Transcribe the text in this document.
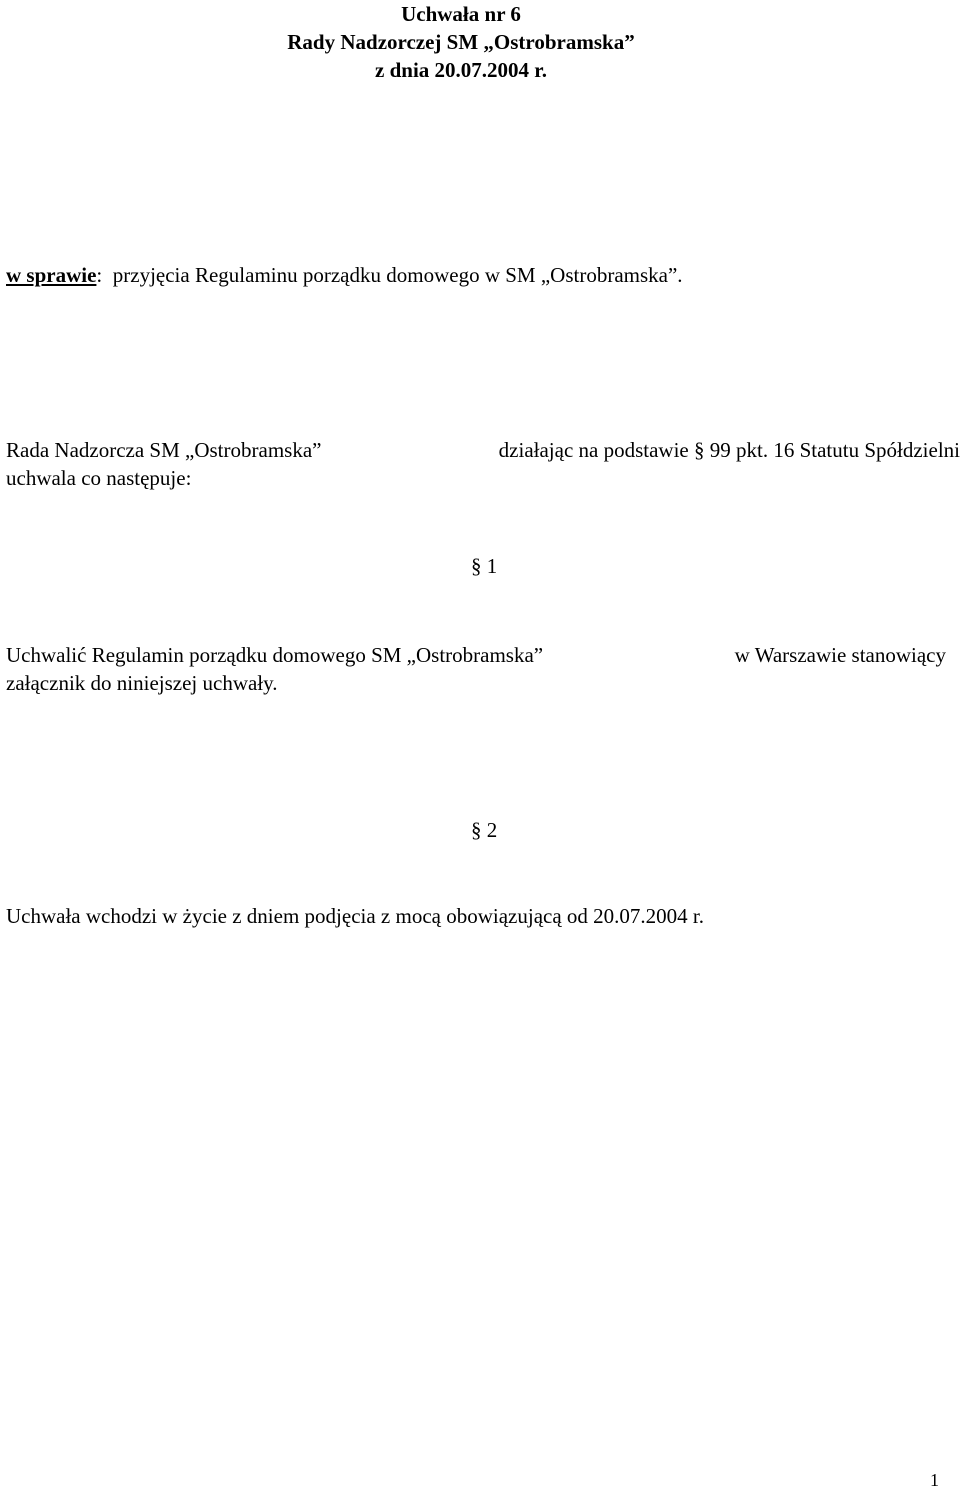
Uchwała nr 6
Rady Nadzorczej SM „Ostrobramska”
z dnia 20.07.2004 r.
w sprawie: przyjęcia Regulaminu porządku domowego w SM „Ostrobramska”.
Rada Nadzorcza SM „Ostrobramska”	działając na podstawie § 99 pkt. 16 Statutu Spółdzielni
uchwala co następuje:
§ 1
Uchwalić Regulamin porządku domowego SM „Ostrobramska”	w Warszawie stanowiący
załącznik do niniejszej uchwały.
§ 2
Uchwała wchodzi w życie z dniem podjęcia z mocą obowiązującą od 20.07.2004 r.
1
